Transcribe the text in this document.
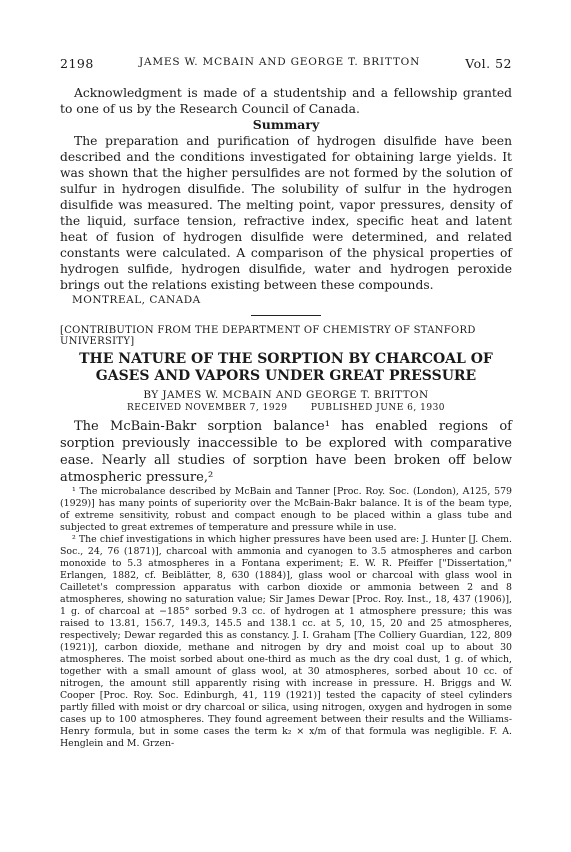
2198	JAMES W. MCBAIN AND GEORGE T. BRITTON	Vol. 52

Acknowledgment is made of a studentship and a fellowship granted to one of us by the Research Council of Canada.

Summary

The preparation and purification of hydrogen disulfide have been described and the conditions investigated for obtaining large yields. It was shown that the higher persulfides are not formed by the solution of sulfur in hydrogen disulfide. The solubility of sulfur in the hydrogen disulfide was measured. The melting point, vapor pressures, density of the liquid, surface tension, refractive index, specific heat and latent heat of fusion of hydrogen disulfide were determined, and related constants were calculated. A comparison of the physical properties of hydrogen sulfide, hydrogen disulfide, water and hydrogen peroxide brings out the relations existing between these compounds.

MONTREAL, CANADA
[CONTRIBUTION FROM THE DEPARTMENT OF CHEMISTRY OF STANFORD UNIVERSITY]
THE NATURE OF THE SORPTION BY CHARCOAL OF GASES AND VAPORS UNDER GREAT PRESSURE
BY JAMES W. MCBAIN AND GEORGE T. BRITTON
RECEIVED NOVEMBER 7, 1929	PUBLISHED JUNE 6, 1930

The McBain-Bakr sorption balance¹ has enabled regions of sorption previously inaccessible to be explored with comparative ease. Nearly all studies of sorption have been broken off below atmospheric pressure,²

¹ The microbalance described by McBain and Tanner [Proc. Roy. Soc. (London), A125, 579 (1929)] has many points of superiority over the McBain-Bakr balance. It is of the beam type, of extreme sensitivity, robust and compact enough to be placed within a glass tube and subjected to great extremes of temperature and pressure while in use.

² The chief investigations in which higher pressures have been used are: J. Hunter [J. Chem. Soc., 24, 76 (1871)], charcoal with ammonia and cyanogen to 3.5 atmospheres and carbon monoxide to 5.3 atmospheres in a Fontana experiment; E. W. R. Pfeiffer ["Dissertation," Erlangen, 1882, cf. Beiblätter, 8, 630 (1884)], glass wool or charcoal with glass wool in Cailletet's compression apparatus with carbon dioxide or ammonia between 2 and 8 atmospheres, showing no saturation value; Sir James Dewar [Proc. Roy. Inst., 18, 437 (1906)], 1 g. of charcoal at −185° sorbed 9.3 cc. of hydrogen at 1 atmosphere pressure; this was raised to 13.81, 156.7, 149.3, 145.5 and 138.1 cc. at 5, 10, 15, 20 and 25 atmospheres, respectively; Dewar regarded this as constancy. J. I. Graham [The Colliery Guardian, 122, 809 (1921)], carbon dioxide, methane and nitrogen by dry and moist coal up to about 30 atmospheres. The moist sorbed about one-third as much as the dry coal dust, 1 g. of which, together with a small amount of glass wool, at 30 atmospheres, sorbed about 10 cc. of nitrogen, the amount still apparently rising with increase in pressure. H. Briggs and W. Cooper [Proc. Roy. Soc. Edinburgh, 41, 119 (1921)] tested the capacity of steel cylinders partly filled with moist or dry charcoal or silica, using nitrogen, oxygen and hydrogen in some cases up to 100 atmospheres. They found agreement between their results and the Williams-Henry formula, but in some cases the term k₂ × x/m of that formula was negligible. F. A. Henglein and M. Grzen-
